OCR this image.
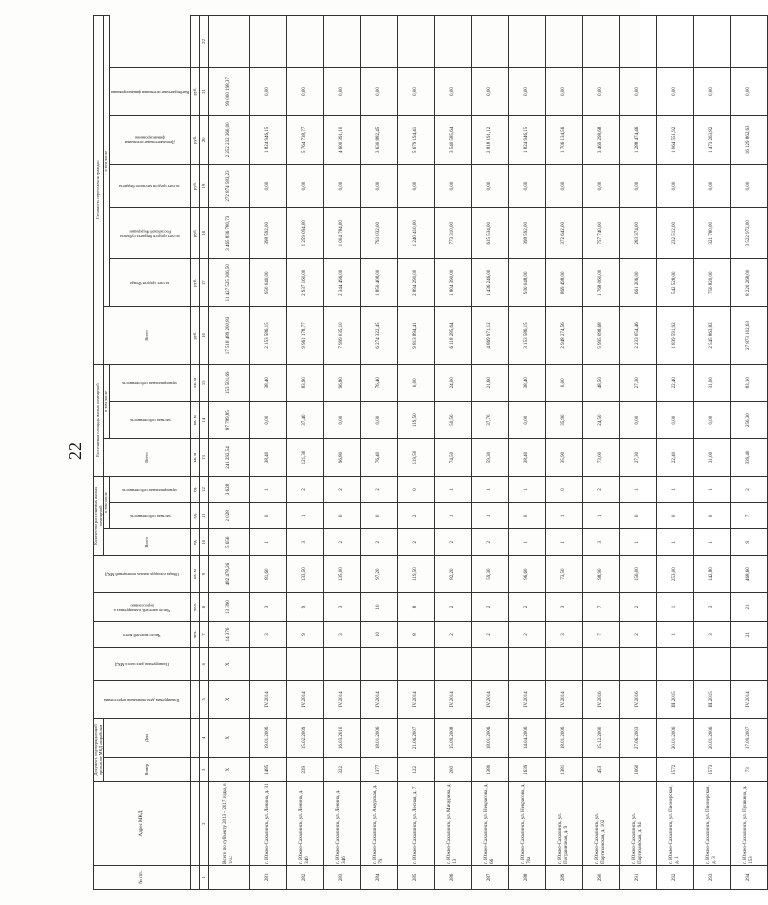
22
№ пп.	Адрес МКД	Документ, подтверждающий признание МКД аварийным		Планируемая дата окончания переселения	Планируемая дата сноса МКД	Число жителей всего	Число жителей, планируемых к переселению	Общая площадь жилых помещений МКД	Количество расселяемых жилых помещений			Расселяемая площадь жилых помещений			Стоимость переселения граждан						
		Номер	Дата						Всего	в том числе		Всего	в том числе		Всего	в том числе					

										частная собственность	муниципальная собственность		частная собственность	муниципальная собственность		за счет средств Фонда	за счет средств бюджета субъекта Российской Федерации	за счет средств местного бюджета	Дополнительные источники финансирования	Внебюджетные источники финансирования	

						чел.	чел.	кв. м	ед.	ед.	ед.	кв. м	кв. м	кв. м	руб.	руб.	руб.	руб.	руб.	руб.	
1	2	3	4	5	6	7	8	9	10	11	12	13	14	15	16	17	18	19	20	21	22
	Всего по субъекту 2013 - 2017 годы, в т.ч.:	X	X	X	X	14 376	13 390	482 478,26	5 656	2 028	3 628	241 292,54	87 789,85	153 501,69	17 518 489 200,83	11 427 525 306,50	3 465 836 780,73	272 874 583,23	2 252 232 360,00	99 000 198,37	
281	г. Южно-Сахалинск, ул. Ленина, д. 31	1485	19.01.2006	IV.2014		3	3	81,60	1	0	1	38,40	0,00	38,40	2 153 586,15	950 040,00	398 592,00	0,00	1 824 946,15	0,00	
282	г. Южно-Сахалинск, ул. Ленина, д. 340	239	15.02.2009	IV.2014		9	9	133,50	3	1	2	121,30	37,40	83,90	9 961 178,77	2 937 160,00	1 259 094,00	0,00	5 764 738,77	0,00	
283	г. Южно-Сахалинск, ул. Ленина, д. 346	322	16.03.2010	IV.2014		3	3	135,00	2	0	2	96,80	0,00	96,80	7 999 035,10	2 344 496,00	1 004 784,00	0,00	4 600 391,10	0,00	
284	г. Южно-Сахалинск, ул. Амурская, д. 79	1377	18.01.2006	IV.2014		10	10	97,20	2	0	2	76,40	0,00	76,40	6 274 322,45	1 850 408,00	793 032,00	0,00	3 630 882,45	0,00	
285	г. Южно-Сахалинск, ул. Лесная, д. 7	122	21.06.2007	IV.2014		8	8	119,50	2	2	0	119,50	119,50	0,00	9 813 894,41	2 894 290,00	1 240 410,00	0,00	5 679 194,41	0,00	
286	г. Южно-Сахалинск, ул. Мичурина, д. 13	200	15.09.2008	IV.2014		2	2	82,20	2	1	1	74,50	50,50	24,00	6 118 285,64	1 804 390,00	773 310,00	0,00	3 540 585,64	0,00	
287	г. Южно-Сахалинск, ул. Некрасова, д. 66	1380	18.01.2006	IV.2014		2	2	59,30	2	1	1	59,30	37,70	21,60	4 869 971,12	1 436 246,00	615 534,00	0,00	2 818 191,12	0,00	
288	г. Южно-Сахалинск, ул. Некрасова, д. 70а	1639	14.04.2006	IV.2014		2	2	96,60	1	0	1	38,40	0,00	38,40	3 153 586,15	930 048,00	398 592,00	0,00	1 824 946,15	0,00	
289	г. Южно-Сахалинск, ул. Пограничная, д. 9	1381	18.01.2006	IV.2014		3	3	73,50	1	1	0	35,90	35,90	0,00	2 948 274,56	869 498,00	372 642,00	0,00	1 706 134,56	0,00	
290	г. Южно-Сахалинск, ул. Партизанская, д. 102	453	15.12.2000	IV.2016		7	7	98,90	3	1	2	73,00	24,50	48,50	5 995 098,68	1 768 060,00	757 740,00	0,00	3 469 298,68	0,00	
291	г. Южно-Сахалинск, ул. Партизанская, д. 94	1060	27.06.2003	IV.2016		2	2	156,00	1	0	1	27,30	0,00	27,30	2 233 054,46	661 206,00	283 374,00	0,00	1 288 474,46	0,00	
292	г. Южно-Сахалинск, ул. Пионерская, д. 1	1572	20.01.2006	III.2015		1	1	253,00	1	0	1	22,40	0,00	22,40	1 839 591,92	542 528,00	232 512,00	0,00	1 064 551,92	0,00	
293	г. Южно-Сахалинск, ул. Пионерская, д. 3	1573	20.01.2006	III.2015		3	3	142,80	1	0	1	31,00	0,00	31,00	2 545 863,82	750 820,00	321 780,00	0,00	1 473 263,82	0,00	
294	г. Южно-Сахалинск, ул. Пушкина, д. 153	73	17.09.2007	IV.2014		21	21	468,60	9	7	2	339,40	256,30	83,10	27 873 102,63	8 220 268,00	3 522 972,00	0,00	16 129 862,63	0,00	
